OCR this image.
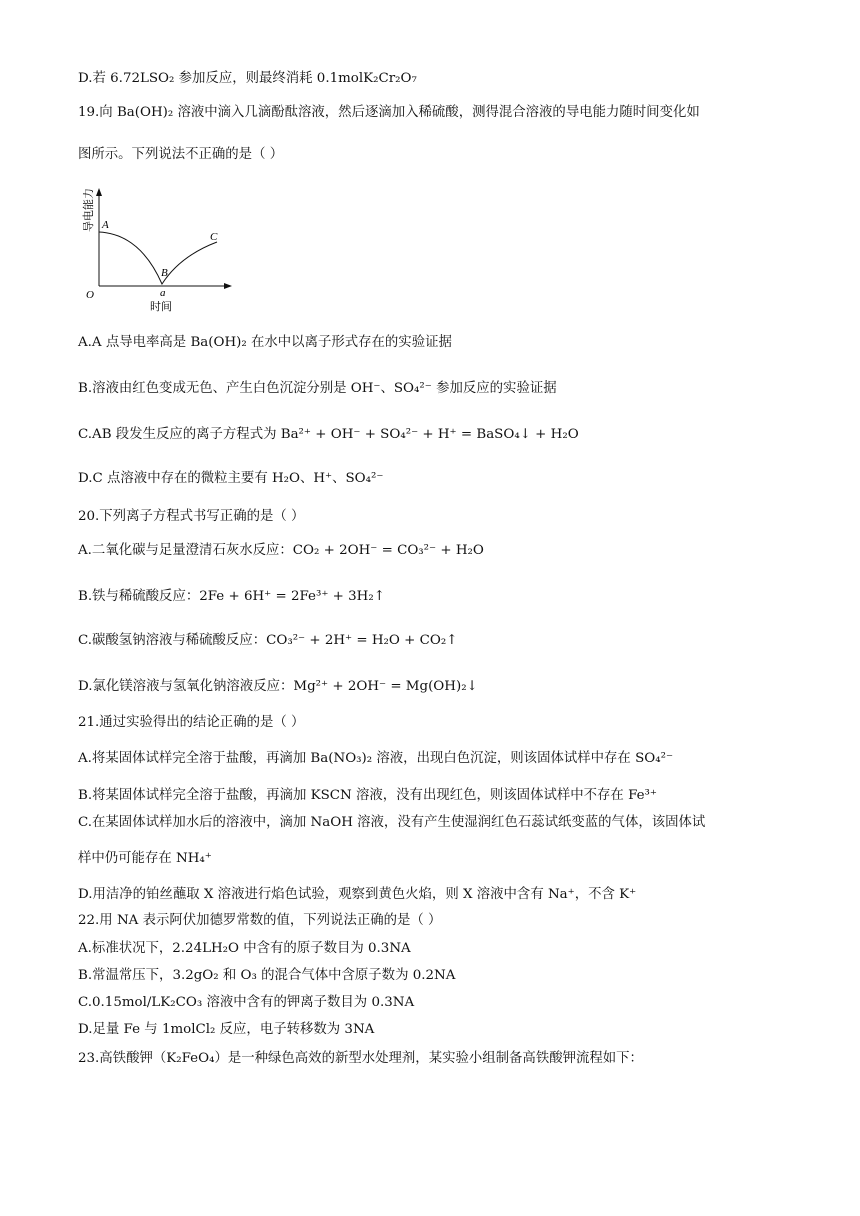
D.若 6.72LSO₂ 参加反应，则最终消耗 0.1molK₂Cr₂O₇
19.向 Ba(OH)₂ 溶液中滴入几滴酚酞溶液，然后逐滴加入稀硫酸，测得混合溶液的导电能力随时间变化如
图所示。下列说法不正确的是（ ）
A.A 点导电率高是 Ba(OH)₂ 在水中以离子形式存在的实验证据
B.溶液由红色变成无色、产生白色沉淀分别是 OH⁻、SO₄²⁻ 参加反应的实验证据
C.AB 段发生反应的离子方程式为 Ba²⁺ + OH⁻ + SO₄²⁻ + H⁺ = BaSO₄↓ + H₂O
D.C 点溶液中存在的微粒主要有 H₂O、H⁺、SO₄²⁻
20.下列离子方程式书写正确的是（ ）
A.二氧化碳与足量澄清石灰水反应：CO₂ + 2OH⁻ = CO₃²⁻ + H₂O
B.铁与稀硫酸反应：2Fe + 6H⁺ = 2Fe³⁺ + 3H₂↑
C.碳酸氢钠溶液与稀硫酸反应：CO₃²⁻ + 2H⁺ = H₂O + CO₂↑
D.氯化镁溶液与氢氧化钠溶液反应：Mg²⁺ + 2OH⁻ = Mg(OH)₂↓
21.通过实验得出的结论正确的是（ ）
A.将某固体试样完全溶于盐酸，再滴加 Ba(NO₃)₂ 溶液，出现白色沉淀，则该固体试样中存在 SO₄²⁻
B.将某固体试样完全溶于盐酸，再滴加 KSCN 溶液，没有出现红色，则该固体试样中不存在 Fe³⁺
C.在某固体试样加水后的溶液中，滴加 NaOH 溶液，没有产生使湿润红色石蕊试纸变蓝的气体，该固体试
样中仍可能存在 NH₄⁺
D.用洁净的铂丝蘸取 X 溶液进行焰色试验，观察到黄色火焰，则 X 溶液中含有 Na⁺，不含 K⁺
22.用 NA 表示阿伏加德罗常数的值，下列说法正确的是（ ）
A.标准状况下，2.24LH₂O 中含有的原子数目为 0.3NA
B.常温常压下，3.2gO₂ 和 O₃ 的混合气体中含原子数为 0.2NA
C.0.15mol/LK₂CO₃ 溶液中含有的钾离子数目为 0.3NA
D.足量 Fe 与 1molCl₂ 反应，电子转移数为 3NA
23.高铁酸钾（K₂FeO₄）是一种绿色高效的新型水处理剂，某实验小组制备高铁酸钾流程如下：
导电能力 A
B
C
O	a
时间
